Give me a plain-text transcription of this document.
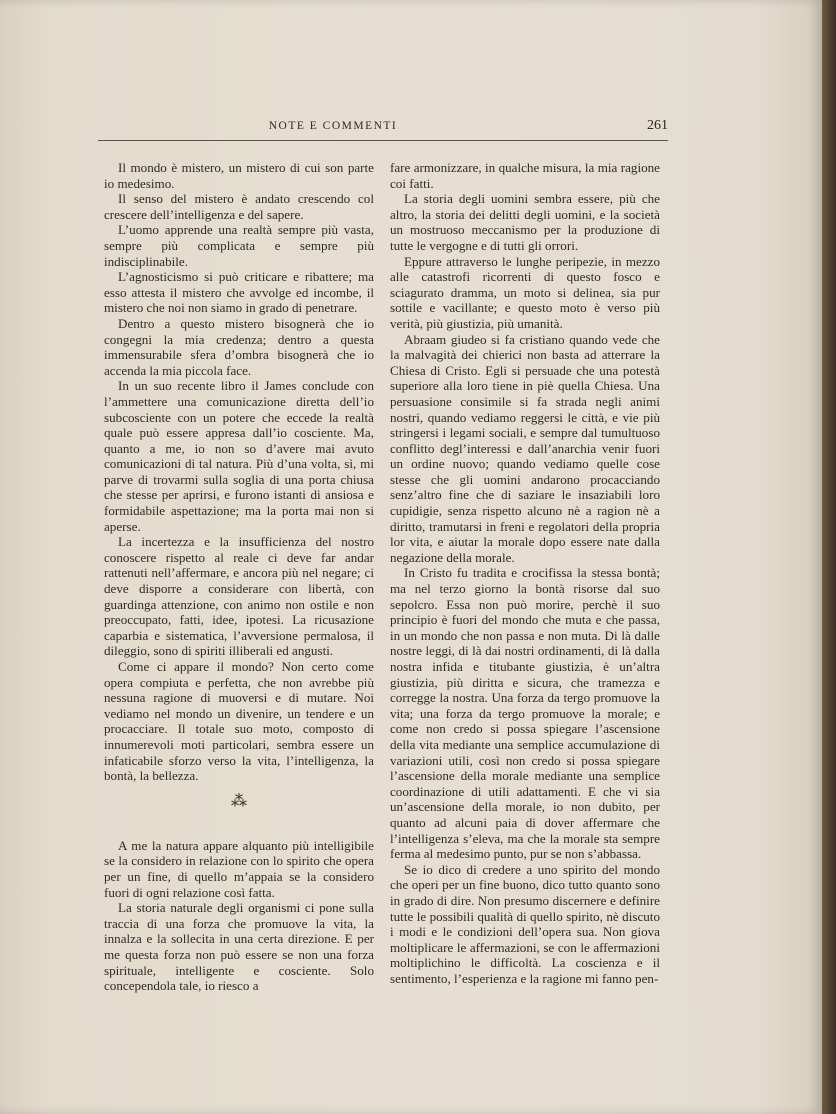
NOTE E COMMENTI	261

Il mondo è mistero, un mistero di cui son parte io medesimo.

Il senso del mistero è andato crescendo col crescere dell’intelligenza e del sapere.

L’uomo apprende una realtà sempre più vasta, sempre più complicata e sempre più indisciplinabile.

L’agnosticismo si può criticare e ribattere; ma esso attesta il mistero che avvolge ed incombe, il mistero che noi non siamo in grado di penetrare.

Dentro a questo mistero bisognerà che io congegni la mia credenza; dentro a questa immensurabile sfera d’ombra bisognerà che io accenda la mia piccola face.

In un suo recente libro il James conclude con l’ammettere una comunicazione diretta dell’io subcosciente con un potere che eccede la realtà quale può essere appresa dall’io cosciente. Ma, quanto a me, io non so d’avere mai avuto comunicazioni di tal natura. Più d’una volta, sì, mi parve di trovarmi sulla soglia di una porta chiusa che stesse per aprirsi, e furono istanti di ansiosa e formidabile aspettazione; ma la porta mai non si aperse.

La incertezza e la insufficienza del nostro conoscere rispetto al reale ci deve far andar rattenuti nell’affermare, e ancora più nel negare; ci deve disporre a considerare con libertà, con guardinga attenzione, con animo non ostile e non preoccupato, fatti, idee, ipotesi. La ricusazione caparbia e sistematica, l’avversione permalosa, il dileggio, sono di spiriti illiberali ed angusti.

Come ci appare il mondo? Non certo come opera compiuta e perfetta, che non avrebbe più nessuna ragione di muoversi e di mutare. Noi vediamo nel mondo un divenire, un tendere e un procacciare. Il totale suo moto, composto di innumerevoli moti particolari, sembra essere un infaticabile sforzo verso la vita, l’intelligenza, la bontà, la bellezza.

⁂

A me la natura appare alquanto più intelligibile se la considero in relazione con lo spirito che opera per un fine, di quello m’appaia se la considero fuori di ogni relazione così fatta.

La storia naturale degli organismi ci pone sulla traccia di una forza che promuove la vita, la innalza e la sollecita in una certa direzione. E per me questa forza non può essere se non una forza spirituale, intelligente e cosciente. Solo concependola tale, io riesco a

fare armonizzare, in qualche misura, la mia ragione coi fatti.

La storia degli uomini sembra essere, più che altro, la storia dei delitti degli uomini, e la società un mostruoso meccanismo per la produzione di tutte le vergogne e di tutti gli orrori.

Eppure attraverso le lunghe peripezie, in mezzo alle catastrofi ricorrenti di questo fosco e sciagurato dramma, un moto si delinea, sia pur sottile e vacillante; e questo moto è verso più verità, più giustizia, più umanità.

Abraam giudeo si fa cristiano quando vede che la malvagità dei chierici non basta ad atterrare la Chiesa di Cristo. Egli si persuade che una potestà superiore alla loro tiene in piè quella Chiesa. Una persuasione consimile si fa strada negli animi nostri, quando vediamo reggersi le città, e vie più stringersi i legami sociali, e sempre dal tumultuoso conflitto degl’interessi e dall’anarchia venir fuori un ordine nuovo; quando vediamo quelle cose stesse che gli uomini andarono procacciando senz’altro fine che di saziare le insaziabili loro cupidigie, senza rispetto alcuno nè a ragion nè a diritto, tramutarsi in freni e regolatori della propria lor vita, e aiutar la morale dopo essere nate dalla negazione della morale.

In Cristo fu tradita e crocifissa la stessa bontà; ma nel terzo giorno la bontà risorse dal suo sepolcro. Essa non può morire, perchè il suo principio è fuori del mondo che muta e che passa, in un mondo che non passa e non muta. Di là dalle nostre leggi, di là dai nostri ordinamenti, di là dalla nostra infida e titubante giustizia, è un’altra giustizia, più diritta e sicura, che tramezza e corregge la nostra. Una forza da tergo promuove la vita; una forza da tergo promuove la morale; e come non credo si possa spiegare l’ascensione della vita mediante una semplice accumulazione di variazioni utili, così non credo si possa spiegare l’ascensione della morale mediante una semplice coordinazione di utili adattamenti. E che vi sia un’ascensione della morale, io non dubito, per quanto ad alcuni paia di dover affermare che l’intelligenza s’eleva, ma che la morale sta sempre ferma al medesimo punto, pur se non s’abbassa.

Se io dico di credere a uno spirito del mondo che operi per un fine buono, dico tutto quanto sono in grado di dire. Non presumo discernere e definire tutte le possibili qualità di quello spirito, nè discuto i modi e le condizioni dell’opera sua. Non giova moltiplicare le affermazioni, se con le affermazioni moltiplichino le difficoltà. La coscienza e il sentimento, l’esperienza e la ragione mi fanno pen-
